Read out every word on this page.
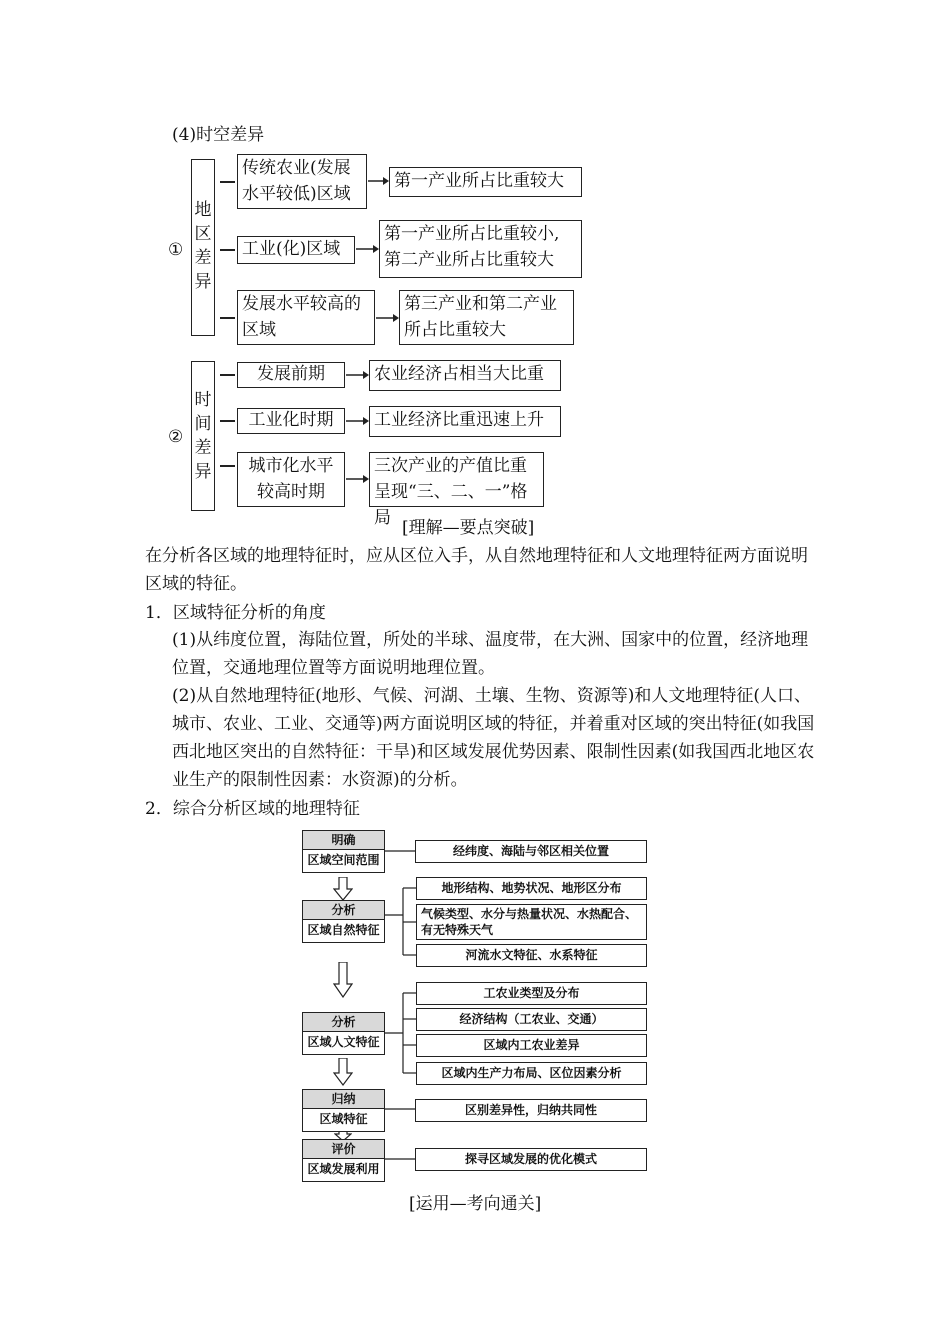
(4)时空差异
①
地
区
差
异
传统农业(发展
水平较低)区域
第一产业所占比重较大
工业(化)区域
第一产业所占比重较小,
第二产业所占比重较大
发展水平较高的
区域
第三产业和第二产业
所占比重较大
②
时
间
差
异
发展前期	农业经济占相当大比重
工业化时期	工业经济比重迅速上升
城市化水平
较高时期
三次产业的产值比重
呈现“三、二、一”格局 [理解—要点突破]
在分析各区域的地理特征时，应从区位入手，从自然地理特征和人文地理特征两方面说明
区域的特征。
1．区域特征分析的角度
(1)从纬度位置，海陆位置，所处的半球、温度带，在大洲、国家中的位置，经济地理
位置，交通地理位置等方面说明地理位置。
(2)从自然地理特征(地形、气候、河湖、土壤、生物、资源等)和人文地理特征(人口、
城市、农业、工业、交通等)两方面说明区域的特征，并着重对区域的突出特征(如我国
西北地区突出的自然特征：干旱)和区域发展优势因素、限制性因素(如我国西北地区农
业生产的限制性因素：水资源)的分析。
2．综合分析区域的地理特征
明确
区域空间范围
分析
区域自然特征
分析
区域人文特征
归纳
区域特征
评价
区域发展利用
经纬度、海陆与邻区相关位置
地形结构、地势状况、地形区分布
气候类型、水分与热量状况、水热配合、
有无特殊天气
河流水文特征、水系特征
工农业类型及分布
经济结构（工农业、交通）
区域内工农业差异
区域内生产力布局、区位因素分析
区别差异性，归纳共同性
探寻区域发展的优化模式
[运用—考向通关]
